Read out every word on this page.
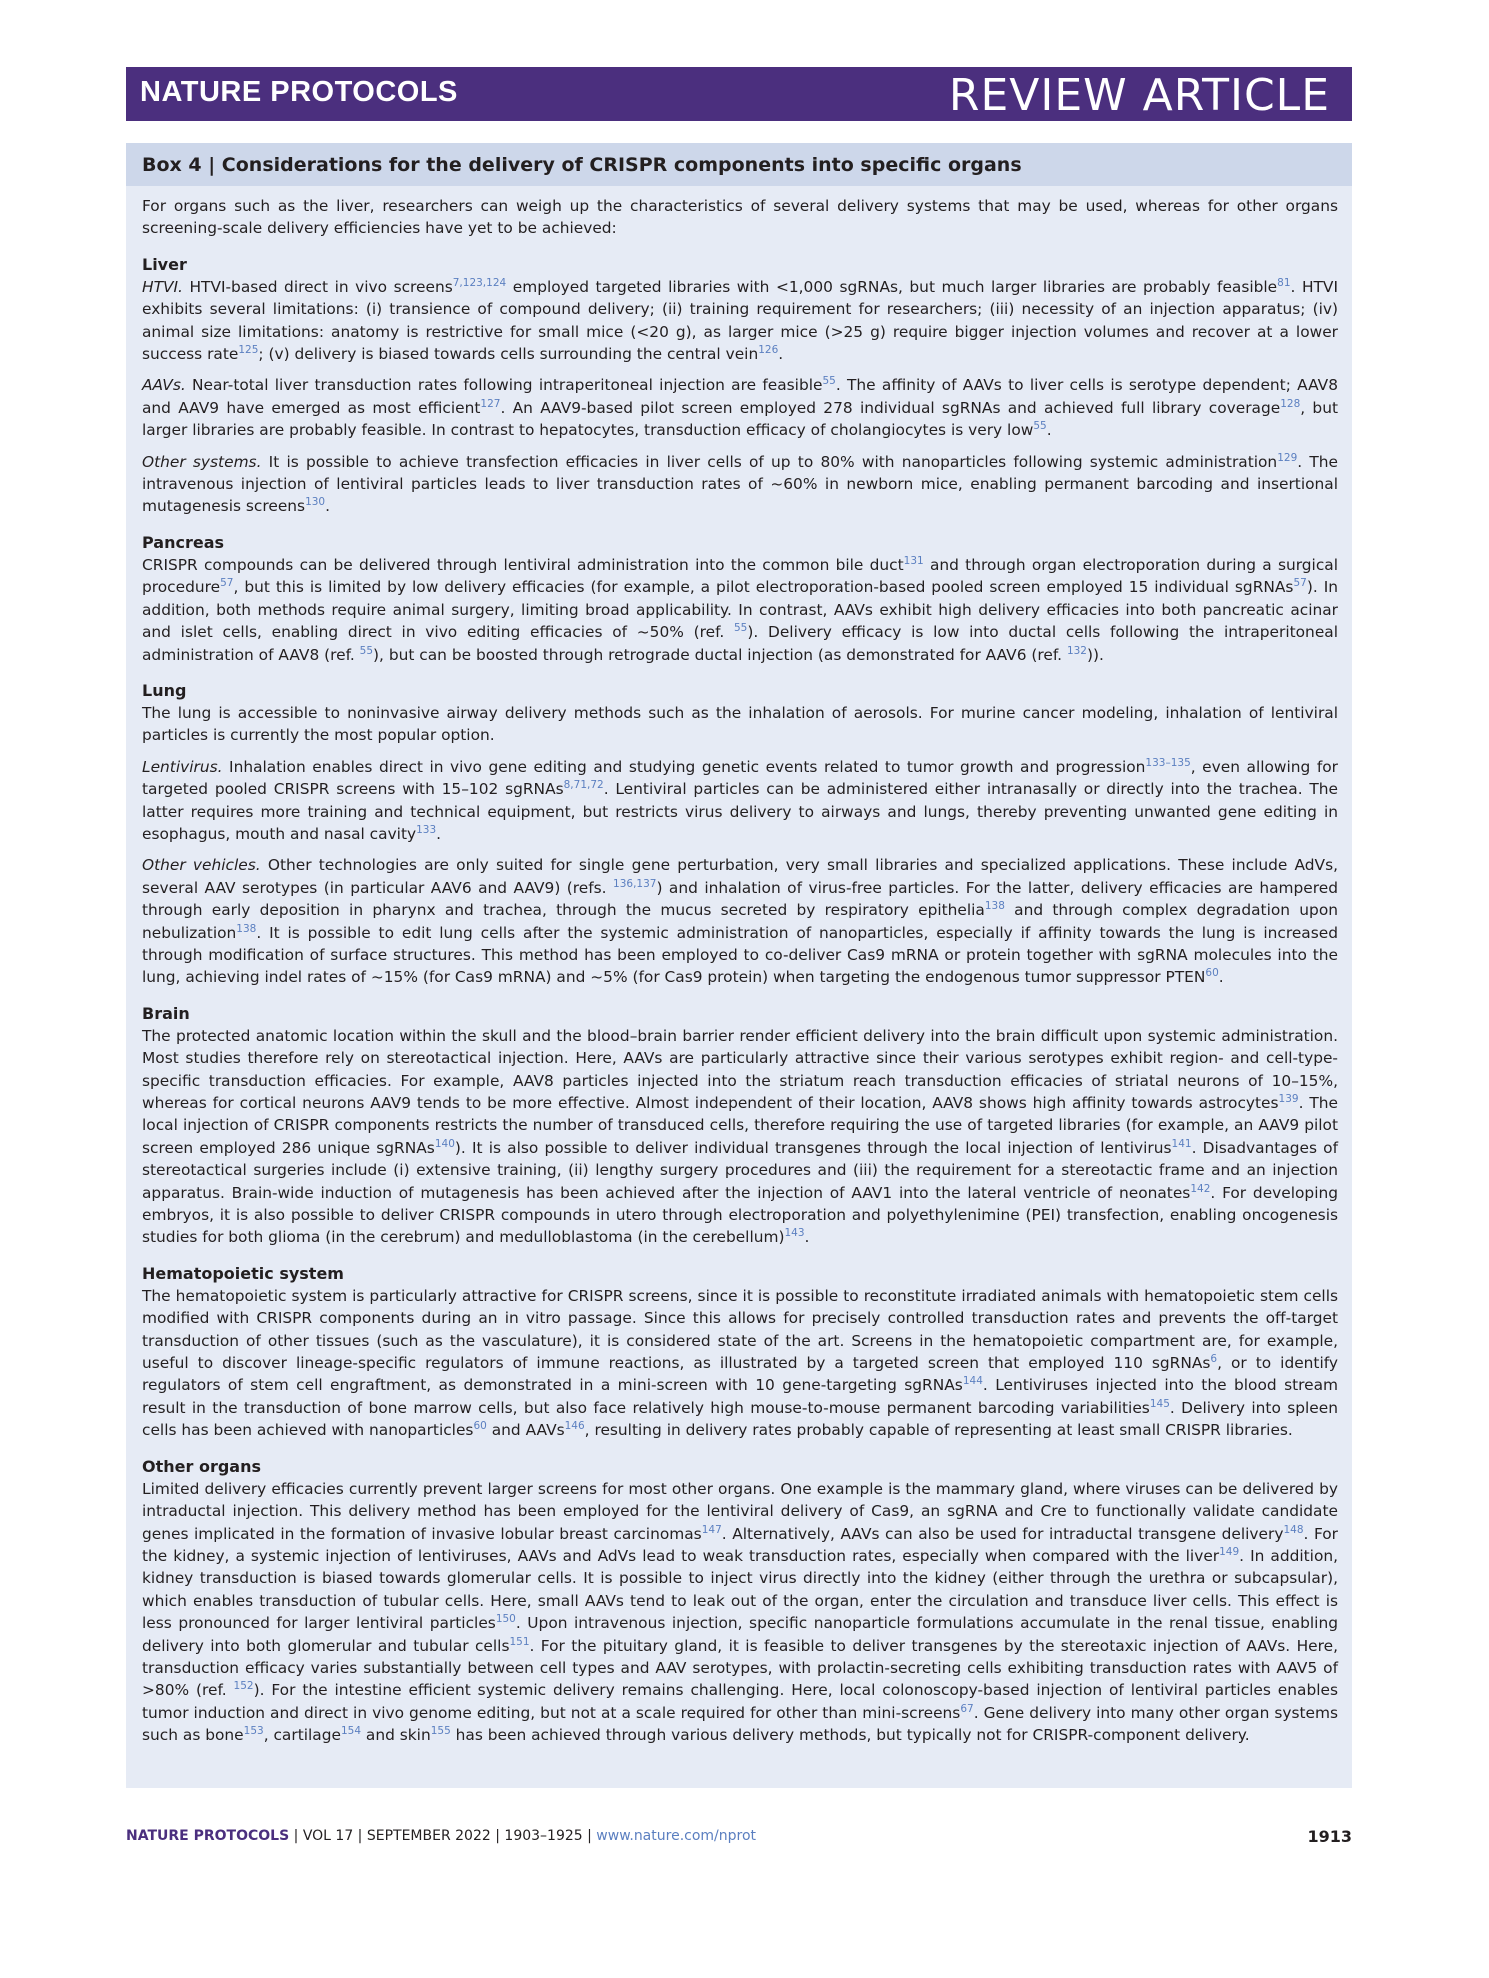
NATURE PROTOCOLS	REVIEW ARTICLE
Box 4 | Considerations for the delivery of CRISPR components into specific organs

For organs such as the liver, researchers can weigh up the characteristics of several delivery systems that may be used, whereas for other organs screening-scale delivery efficiencies have yet to be achieved:

Liver

HTVI. HTVI-based direct in vivo screens$^{7,123,124}$ employed targeted libraries with <1,000 sgRNAs, but much larger libraries are probably feasible$^{81}$. HTVI exhibits several limitations: (i) transience of compound delivery; (ii) training requirement for researchers; (iii) necessity of an injection apparatus; (iv) animal size limitations: anatomy is restrictive for small mice (<20 g), as larger mice (>25 g) require bigger injection volumes and recover at a lower success rate$^{125}$; (v) delivery is biased towards cells surrounding the central vein$^{126}$.

AAVs. Near-total liver transduction rates following intraperitoneal injection are feasible$^{55}$. The affinity of AAVs to liver cells is serotype dependent; AAV8 and AAV9 have emerged as most efficient$^{127}$. An AAV9-based pilot screen employed 278 individual sgRNAs and achieved full library coverage$^{128}$, but larger libraries are probably feasible. In contrast to hepatocytes, transduction efficacy of cholangiocytes is very low$^{55}$.

Other systems. It is possible to achieve transfection efficacies in liver cells of up to 80% with nanoparticles following systemic administration$^{129}$. The intravenous injection of lentiviral particles leads to liver transduction rates of ~60% in newborn mice, enabling permanent barcoding and insertional mutagenesis screens$^{130}$.

Pancreas

CRISPR compounds can be delivered through lentiviral administration into the common bile duct$^{131}$ and through organ electroporation during a surgical procedure$^{57}$, but this is limited by low delivery efficacies (for example, a pilot electroporation-based pooled screen employed 15 individual sgRNAs$^{57}$). In addition, both methods require animal surgery, limiting broad applicability. In contrast, AAVs exhibit high delivery efficacies into both pancreatic acinar and islet cells, enabling direct in vivo editing efficacies of ~50% (ref. $^{55}$). Delivery efficacy is low into ductal cells following the intraperitoneal administration of AAV8 (ref. $^{55}$), but can be boosted through retrograde ductal injection (as demonstrated for AAV6 (ref. $^{132}$)).

Lung

The lung is accessible to noninvasive airway delivery methods such as the inhalation of aerosols. For murine cancer modeling, inhalation of lentiviral particles is currently the most popular option.

Lentivirus. Inhalation enables direct in vivo gene editing and studying genetic events related to tumor growth and progression$^{133-135}$, even allowing for targeted pooled CRISPR screens with 15–102 sgRNAs$^{8,71,72}$. Lentiviral particles can be administered either intranasally or directly into the trachea. The latter requires more training and technical equipment, but restricts virus delivery to airways and lungs, thereby preventing unwanted gene editing in esophagus, mouth and nasal cavity$^{133}$.

Other vehicles. Other technologies are only suited for single gene perturbation, very small libraries and specialized applications. These include AdVs, several AAV serotypes (in particular AAV6 and AAV9) (refs. $^{136,137}$) and inhalation of virus-free particles. For the latter, delivery efficacies are hampered through early deposition in pharynx and trachea, through the mucus secreted by respiratory epithelia$^{138}$ and through complex degradation upon nebulization$^{138}$. It is possible to edit lung cells after the systemic administration of nanoparticles, especially if affinity towards the lung is increased through modification of surface structures. This method has been employed to co-deliver Cas9 mRNA or protein together with sgRNA molecules into the lung, achieving indel rates of ~15% (for Cas9 mRNA) and ~5% (for Cas9 protein) when targeting the endogenous tumor suppressor PTEN$^{60}$.

Brain

The protected anatomic location within the skull and the blood–brain barrier render efficient delivery into the brain difficult upon systemic administration. Most studies therefore rely on stereotactical injection. Here, AAVs are particularly attractive since their various serotypes exhibit region- and cell-type-specific transduction efficacies. For example, AAV8 particles injected into the striatum reach transduction efficacies of striatal neurons of 10–15%, whereas for cortical neurons AAV9 tends to be more effective. Almost independent of their location, AAV8 shows high affinity towards astrocytes$^{139}$. The local injection of CRISPR components restricts the number of transduced cells, therefore requiring the use of targeted libraries (for example, an AAV9 pilot screen employed 286 unique sgRNAs$^{140}$). It is also possible to deliver individual transgenes through the local injection of lentivirus$^{141}$. Disadvantages of stereotactical surgeries include (i) extensive training, (ii) lengthy surgery procedures and (iii) the requirement for a stereotactic frame and an injection apparatus. Brain-wide induction of mutagenesis has been achieved after the injection of AAV1 into the lateral ventricle of neonates$^{142}$. For developing embryos, it is also possible to deliver CRISPR compounds in utero through electroporation and polyethylenimine (PEI) transfection, enabling oncogenesis studies for both glioma (in the cerebrum) and medulloblastoma (in the cerebellum)$^{143}$.

Hematopoietic system

The hematopoietic system is particularly attractive for CRISPR screens, since it is possible to reconstitute irradiated animals with hematopoietic stem cells modified with CRISPR components during an in vitro passage. Since this allows for precisely controlled transduction rates and prevents the off-target transduction of other tissues (such as the vasculature), it is considered state of the art. Screens in the hematopoietic compartment are, for example, useful to discover lineage-specific regulators of immune reactions, as illustrated by a targeted screen that employed 110 sgRNAs$^6$, or to identify regulators of stem cell engraftment, as demonstrated in a mini-screen with 10 gene-targeting sgRNAs$^{144}$. Lentiviruses injected into the blood stream result in the transduction of bone marrow cells, but also face relatively high mouse-to-mouse permanent barcoding variabilities$^{145}$. Delivery into spleen cells has been achieved with nanoparticles$^{60}$ and AAVs$^{146}$, resulting in delivery rates probably capable of representing at least small CRISPR libraries.

Other organs

Limited delivery efficacies currently prevent larger screens for most other organs. One example is the mammary gland, where viruses can be delivered by intraductal injection. This delivery method has been employed for the lentiviral delivery of Cas9, an sgRNA and Cre to functionally validate candidate genes implicated in the formation of invasive lobular breast carcinomas$^{147}$. Alternatively, AAVs can also be used for intraductal transgene delivery$^{148}$. For the kidney, a systemic injection of lentiviruses, AAVs and AdVs lead to weak transduction rates, especially when compared with the liver$^{149}$. In addition, kidney transduction is biased towards glomerular cells. It is possible to inject virus directly into the kidney (either through the urethra or subcapsular), which enables transduction of tubular cells. Here, small AAVs tend to leak out of the organ, enter the circulation and transduce liver cells. This effect is less pronounced for larger lentiviral particles$^{150}$. Upon intravenous injection, specific nanoparticle formulations accumulate in the renal tissue, enabling delivery into both glomerular and tubular cells$^{151}$. For the pituitary gland, it is feasible to deliver transgenes by the stereotaxic injection of AAVs. Here, transduction efficacy varies substantially between cell types and AAV serotypes, with prolactin-secreting cells exhibiting transduction rates with AAV5 of >80% (ref. $^{152}$). For the intestine efficient systemic delivery remains challenging. Here, local colonoscopy-based injection of lentiviral particles enables tumor induction and direct in vivo genome editing, but not at a scale required for other than mini-screens$^{67}$. Gene delivery into many other organ systems such as bone$^{153}$, cartilage$^{154}$ and skin$^{155}$ has been achieved through various delivery methods, but typically not for CRISPR-component delivery.

NATURE PROTOCOLS | VOL 17 | SEPTEMBER 2022 | 1903–1925 | www.nature.com/nprot	1913
